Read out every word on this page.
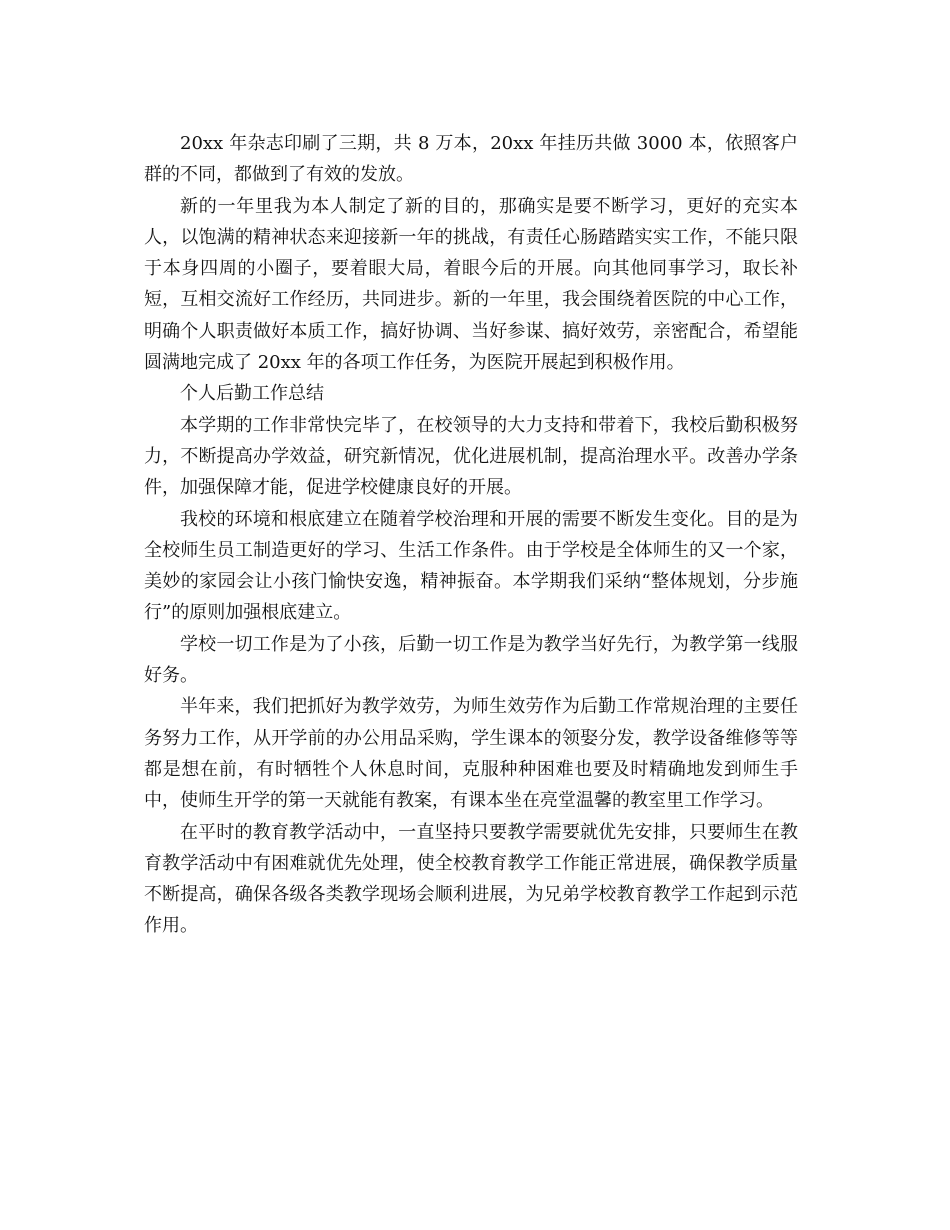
20xx 年杂志印刷了三期，共 8 万本，20xx 年挂历共做 3000 本，依照客户群的不同，都做到了有效的发放。

新的一年里我为本人制定了新的目的，那确实是要不断学习，更好的充实本人，以饱满的精神状态来迎接新一年的挑战，有责任心肠踏踏实实工作，不能只限于本身四周的小圈子，要着眼大局，着眼今后的开展。向其他同事学习，取长补短，互相交流好工作经历，共同进步。新的一年里，我会围绕着医院的中心工作，明确个人职责做好本质工作，搞好协调、当好参谋、搞好效劳，亲密配合，希望能圆满地完成了 20xx 年的各项工作任务，为医院开展起到积极作用。

个人后勤工作总结

本学期的工作非常快完毕了，在校领导的大力支持和带着下，我校后勤积极努力，不断提高办学效益，研究新情况，优化进展机制，提高治理水平。改善办学条件，加强保障才能，促进学校健康良好的开展。

我校的环境和根底建立在随着学校治理和开展的需要不断发生变化。目的是为全校师生员工制造更好的学习、生活工作条件。由于学校是全体师生的又一个家，美妙的家园会让小孩门愉快安逸，精神振奋。本学期我们采纳“整体规划，分步施行”的原则加强根底建立。

学校一切工作是为了小孩，后勤一切工作是为教学当好先行，为教学第一线服好务。

半年来，我们把抓好为教学效劳，为师生效劳作为后勤工作常规治理的主要任务努力工作，从开学前的办公用品采购，学生课本的领娶分发，教学设备维修等等都是想在前，有时牺牲个人休息时间，克服种种困难也要及时精确地发到师生手中，使师生开学的第一天就能有教案，有课本坐在亮堂温馨的教室里工作学习。

在平时的教育教学活动中，一直坚持只要教学需要就优先安排，只要师生在教育教学活动中有困难就优先处理，使全校教育教学工作能正常进展，确保教学质量不断提高，确保各级各类教学现场会顺利进展，为兄弟学校教育教学工作起到示范作用。
